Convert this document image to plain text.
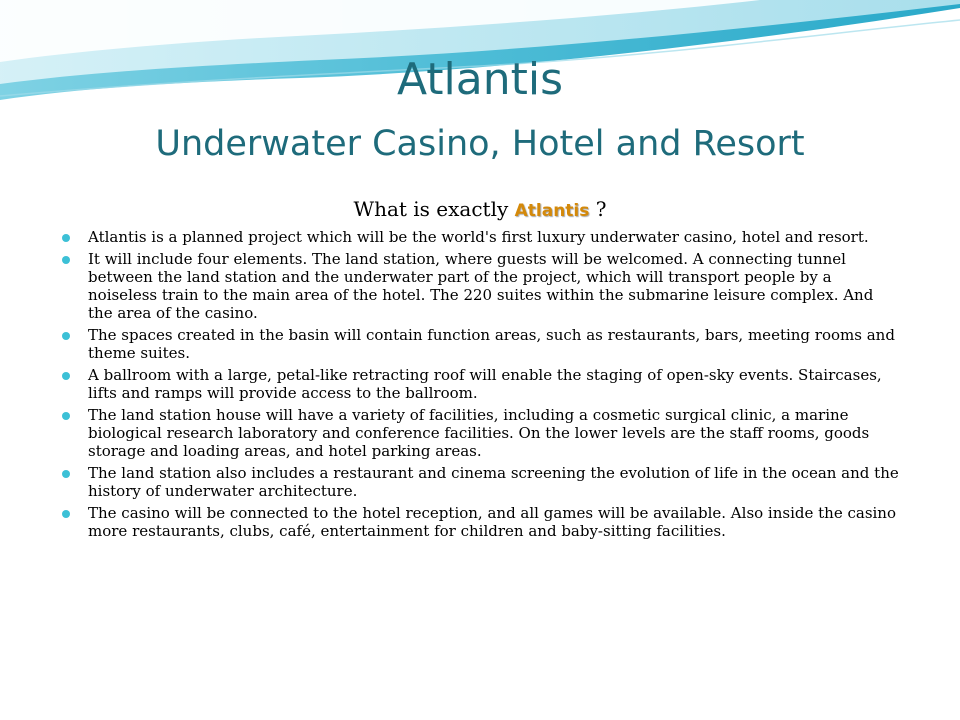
Atlantis
Underwater Casino, Hotel and Resort
What is exactly Atlantis ?
Atlantis is a planned project which will be the world's first luxury underwater casino, hotel and resort.
It will include four elements. The land station, where guests will be welcomed. A connecting tunnel between the land station and the underwater part of the project, which will transport people by a noiseless train to the main area of the hotel. The 220 suites within the submarine leisure complex. And the area of the casino.
The spaces created in the basin will contain function areas, such as restaurants, bars, meeting rooms and theme suites.
A ballroom with a large, petal-like retracting roof will enable the staging of open-sky events. Staircases, lifts and ramps will provide access to the ballroom.
The land station house will have a variety of facilities, including a cosmetic surgical clinic, a marine biological research laboratory and conference facilities. On the lower levels are the staff rooms, goods storage and loading areas, and hotel parking areas.
The land station also includes a restaurant and cinema screening the evolution of life in the ocean and the history of underwater architecture.
The casino will be connected to the hotel reception, and all games will be available. Also inside the casino more restaurants, clubs, café, entertainment for children and baby-sitting facilities.
